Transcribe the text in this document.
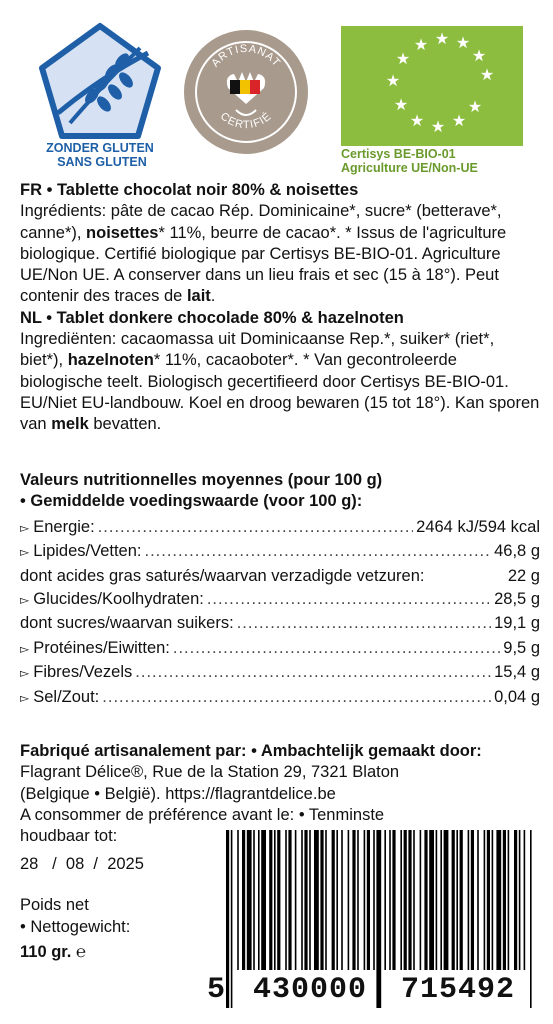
ZONDER GLUTEN
SANS GLUTEN
ARTISANAT
CERTIFIÉ
★
★
★ ★ ★
★
★
★
★ ★ ★
★
Certisys BE-BIO-01
Agriculture UE/Non-UE
FR • Tablette chocolat noir 80% & noisettes
Ingrédients: pâte de cacao Rép. Dominicaine*, sucre* (betterave*, canne*), noisettes* 11%, beurre de cacao*. * Issus de l'agriculture biologique. Certifié biologique par Certisys BE-BIO-01. Agriculture UE/Non UE. A conserver dans un lieu frais et sec (15 à 18°). Peut contenir des traces de lait.
NL • Tablet donkere chocolade 80% & hazelnoten
Ingrediënten: cacaomassa uit Dominicaanse Rep.*, suiker* (riet*, biet*), hazelnoten* 11%, cacaoboter*. * Van gecontroleerde biologische teelt. Biologisch gecertifieerd door Certisys BE-BIO-01. EU/Niet EU-landbouw. Koel en droog bewaren (15 tot 18°). Kan sporen van melk bevatten.
Valeurs nutritionnelles moyennes (pour 100 g)
• Gemiddelde voedingswaarde (voor 100 g):
▻ Energie: .....	2464 kJ/594 kcal
▻ Lipides/Vetten: .....	46,8 g
dont acides gras saturés/waarvan verzadigde vetzuren:	22 g
▻ Glucides/Koolhydraten: .....	28,5 g
dont sucres/waarvan suikers: .....	19,1 g
▻ Protéines/Eiwitten: .....	9,5 g
▻ Fibres/Vezels .....	15,4 g
▻ Sel/Zout: .....	0,04 g
Fabriqué artisanalement par: • Ambachtelijk gemaakt door:
Flagrant Délice®, Rue de la Station 29, 7321 Blaton
(Belgique • België). https://flagrantdelice.be
A consommer de préférence avant le: • Tenminste
houdbaar tot:
28 / 08 / 2025
Poids net
• Nettogewicht:
110 gr. ℮
5 430000	715492
